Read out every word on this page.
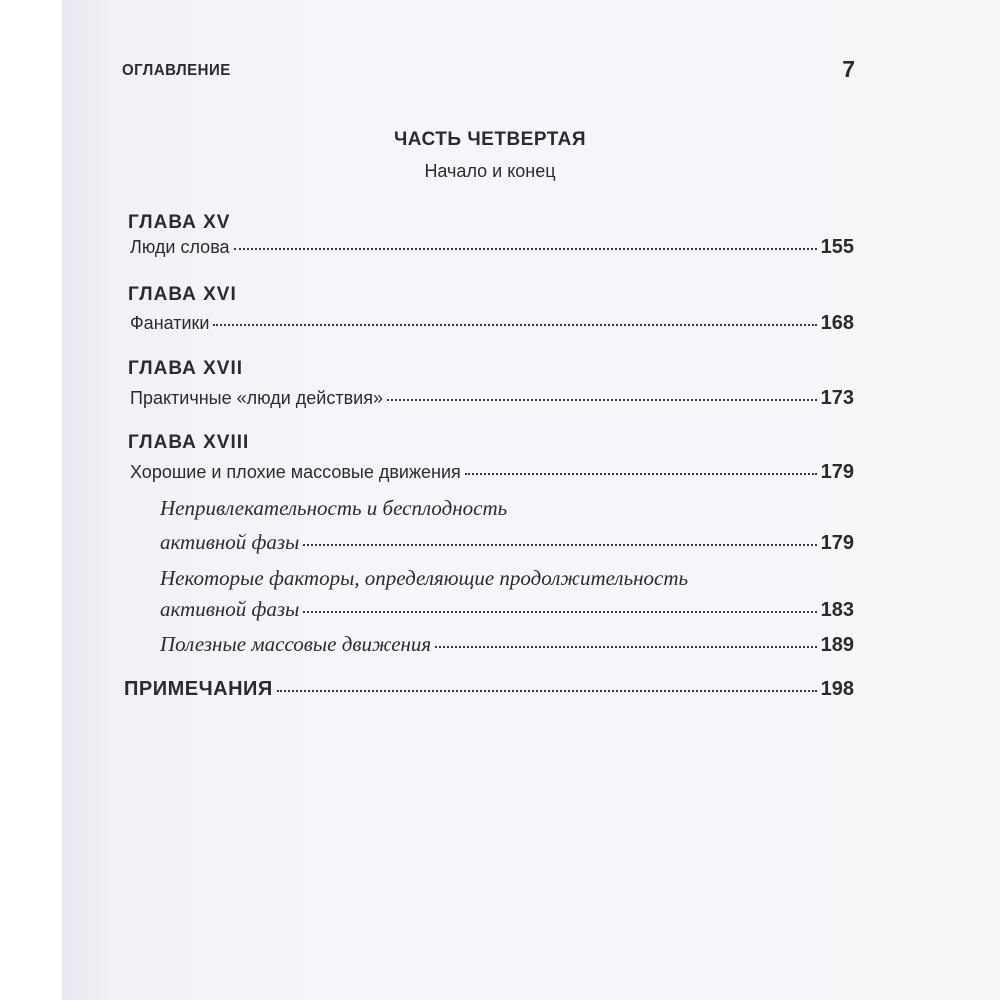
ОГЛАВЛЕНИЕ	7
ЧАСТЬ ЧЕТВЕРТАЯ
Начало и конец
ГЛАВА XV
Люди слова	155
ГЛАВА XVI
Фанатики	168
ГЛАВА XVII
Практичные «люди действия»	173
ГЛАВА XVIII
Хорошие и плохие массовые движения	179
Непривлекательность и бесплодность
активной фазы	179
Некоторые факторы, определяющие продолжительность
активной фазы	183
Полезные массовые движения	189
ПРИМЕЧАНИЯ	198
